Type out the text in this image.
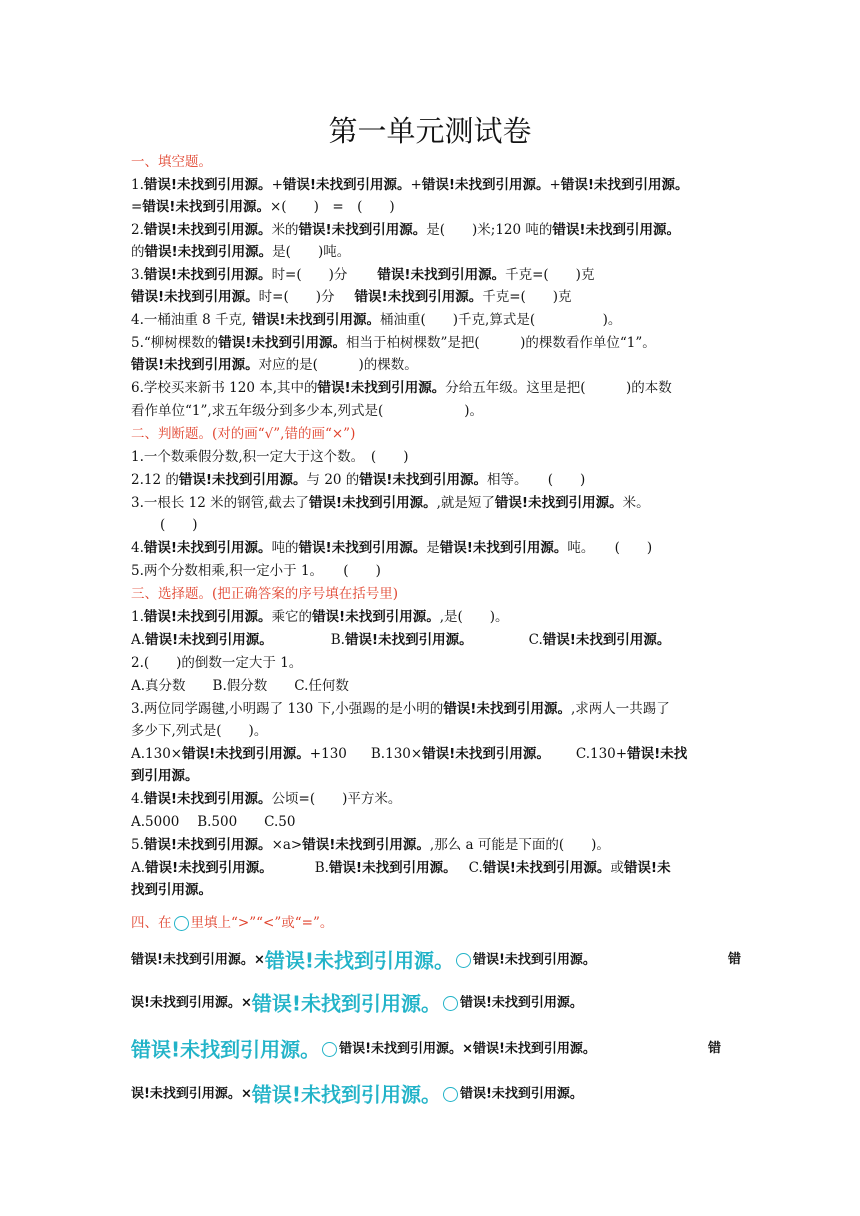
第一单元测试卷
一、填空题。
1.错误!未找到引用源。+错误!未找到引用源。+错误!未找到引用源。+错误!未找到引用源。
=错误!未找到引用源。×(　　)　=　(　　)
2.错误!未找到引用源。米的错误!未找到引用源。是(　　)米;120 吨的错误!未找到引用源。
的错误!未找到引用源。是(　　)吨。
3.错误!未找到引用源。时=(　　)分 错误!未找到引用源。千克=(　　)克
错误!未找到引用源。时=(　　)分 错误!未找到引用源。千克=(　　)克
4.一桶油重 8 千克, 错误!未找到引用源。桶油重(　　)千克,算式是(　　　　　)。
5.“柳树棵数的错误!未找到引用源。相当于柏树棵数”是把(　　　)的棵数看作单位“1”。
错误!未找到引用源。对应的是(　　　)的棵数。
6.学校买来新书 120 本,其中的错误!未找到引用源。分给五年级。这里是把(　　　)的本数
看作单位“1”,求五年级分到多少本,列式是(　　　　　　)。
二、判断题。(对的画“√”,错的画“×”)
1.一个数乘假分数,积一定大于这个数。　(　　)
2.12 的错误!未找到引用源。与 20 的错误!未找到引用源。相等。　　(　　)
3.一根长 12 米的钢管,截去了错误!未找到引用源。,就是短了错误!未找到引用源。米。
(　　)
4.错误!未找到引用源。吨的错误!未找到引用源。是错误!未找到引用源。吨。　　(　　)
5.两个分数相乘,积一定小于 1。　　(　　)
三、选择题。(把正确答案的序号填在括号里)
1.错误!未找到引用源。乘它的错误!未找到引用源。,是(　　)。
A.错误!未找到引用源。	B.错误!未找到引用源。	C.错误!未找到引用源。
2.(　　)的倒数一定大于 1。
A.真分数　　B.假分数　　C.任何数
3.两位同学踢毽,小明踢了 130 下,小强踢的是小明的错误!未找到引用源。,求两人一共踢了
多少下,列式是(　　)。
A.130×错误!未找到引用源。+130 B.130×错误!未找到引用源。 C.130+错误!未找
到引用源。
4.错误!未找到引用源。公顷=(　　)平方米。
A.5000　 B.500　　C.50
5.错误!未找到引用源。×a>错误!未找到引用源。,那么 a 可能是下面的(　　)。
A.错误!未找到引用源。	B.错误!未找到引用源。 C.错误!未找到引用源。或错误!未
找到引用源。
四、在 里填上“>”“<”或“=”。
错误!未找到引用源。×错误!未找到引用源。 错误!未找到引用源。	错
误!未找到引用源。×错误!未找到引用源。 错误!未找到引用源。
错误!未找到引用源。 错误!未找到引用源。×错误!未找到引用源。	错
误!未找到引用源。×错误!未找到引用源。 错误!未找到引用源。
